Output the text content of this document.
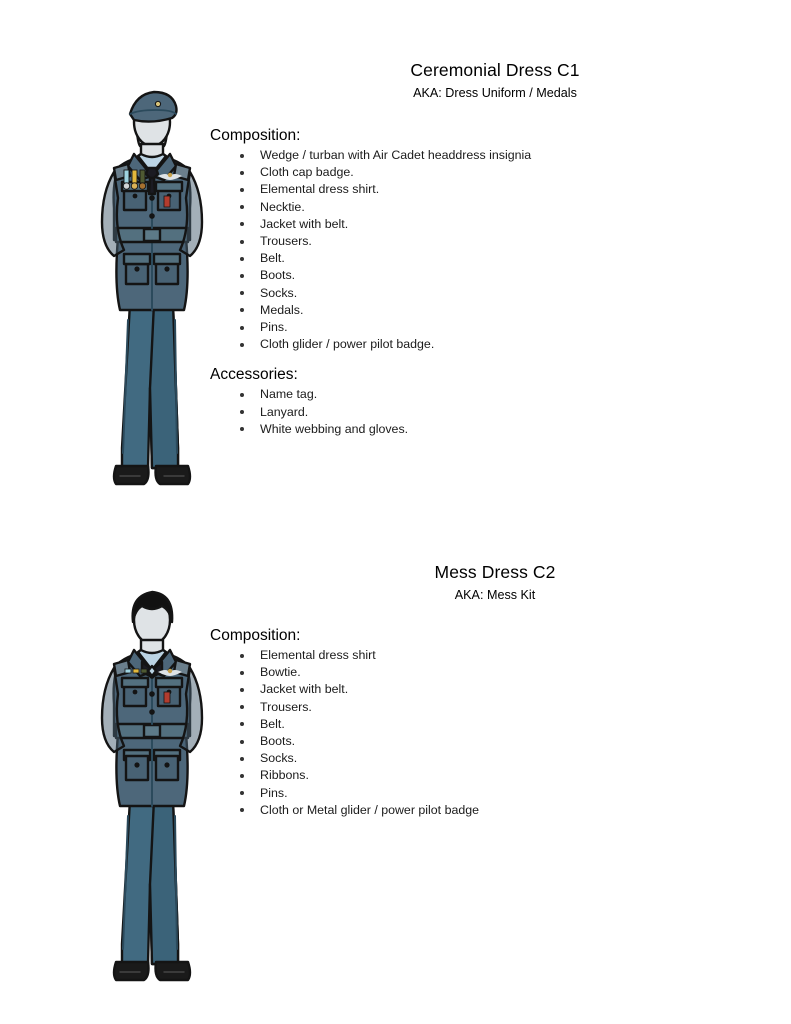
Ceremonial Dress C1
AKA: Dress Uniform / Medals
Composition:
Wedge / turban with Air Cadet headdress insignia
Cloth cap badge.
Elemental dress shirt.
Necktie.
Jacket with belt.
Trousers.
Belt.
Boots.
Socks.
Medals.
Pins.
Cloth glider / power pilot badge.
Accessories:
Name tag.
Lanyard.
White webbing and gloves.
Mess Dress C2
AKA: Mess Kit
Composition:
Elemental dress shirt
Bowtie.
Jacket with belt.
Trousers.
Belt.
Boots.
Socks.
Ribbons.
Pins.
Cloth or Metal glider / power pilot badge
